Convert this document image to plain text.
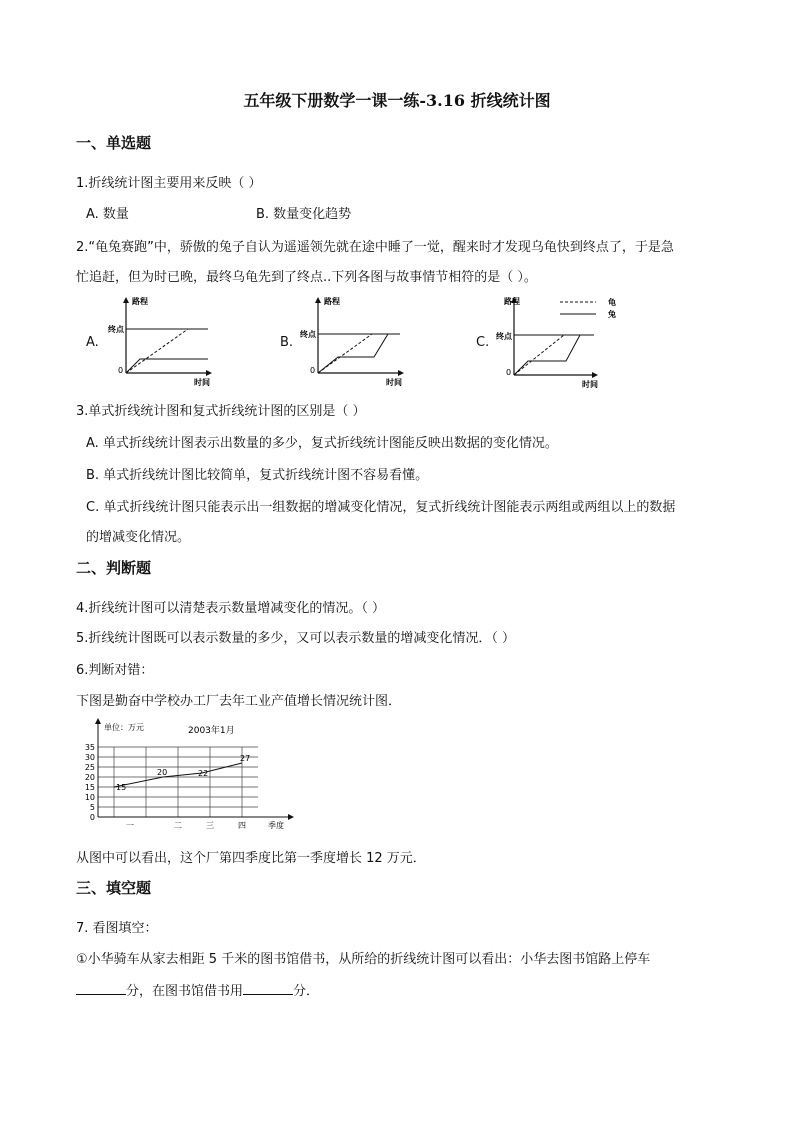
五年级下册数学一课一练-3.16 折线统计图
一、单选题
1.折线统计图主要用来反映（ ）
A. 数量	B. 数量变化趋势
2.“龟兔赛跑”中，骄傲的兔子自认为遥遥领先就在途中睡了一觉，醒来时才发现乌龟快到终点了，于是急
忙追赶，但为时已晚，最终乌龟先到了终点..下列各图与故事情节相符的是（ ）。
A.
路程
时间
终点
0
B.
路程
时间
终点
0
C.
路程
时间
终点
0
龟
兔
3.单式折线统计图和复式折线统计图的区别是（ ）
A. 单式折线统计图表示出数量的多少，复式折线统计图能反映出数据的变化情况。
B. 单式折线统计图比较简单，复式折线统计图不容易看懂。
C. 单式折线统计图只能表示出一组数据的增减变化情况，复式折线统计图能表示两组或两组以上的数据
的增减变化情况。
二、判断题
4.折线统计图可以清楚表示数量增减变化的情况。（ ）
5.折线统计图既可以表示数量的多少，又可以表示数量的增减变化情况．（ ）
6.判断对错：
下图是勤奋中学校办工厂去年工业产值增长情况统计图．
单位：万元	2003年1月
季度
0
5
10
15
20
25
30
35
一	二	三	四
15
20	22
27
从图中可以看出，这个厂第四季度比第一季度增长 12 万元．
三、填空题
7. 看图填空：
①小华骑车从家去相距 5 千米的图书馆借书，从所给的折线统计图可以看出：小华去图书馆路上停车
分，在图书馆借书用	分．
